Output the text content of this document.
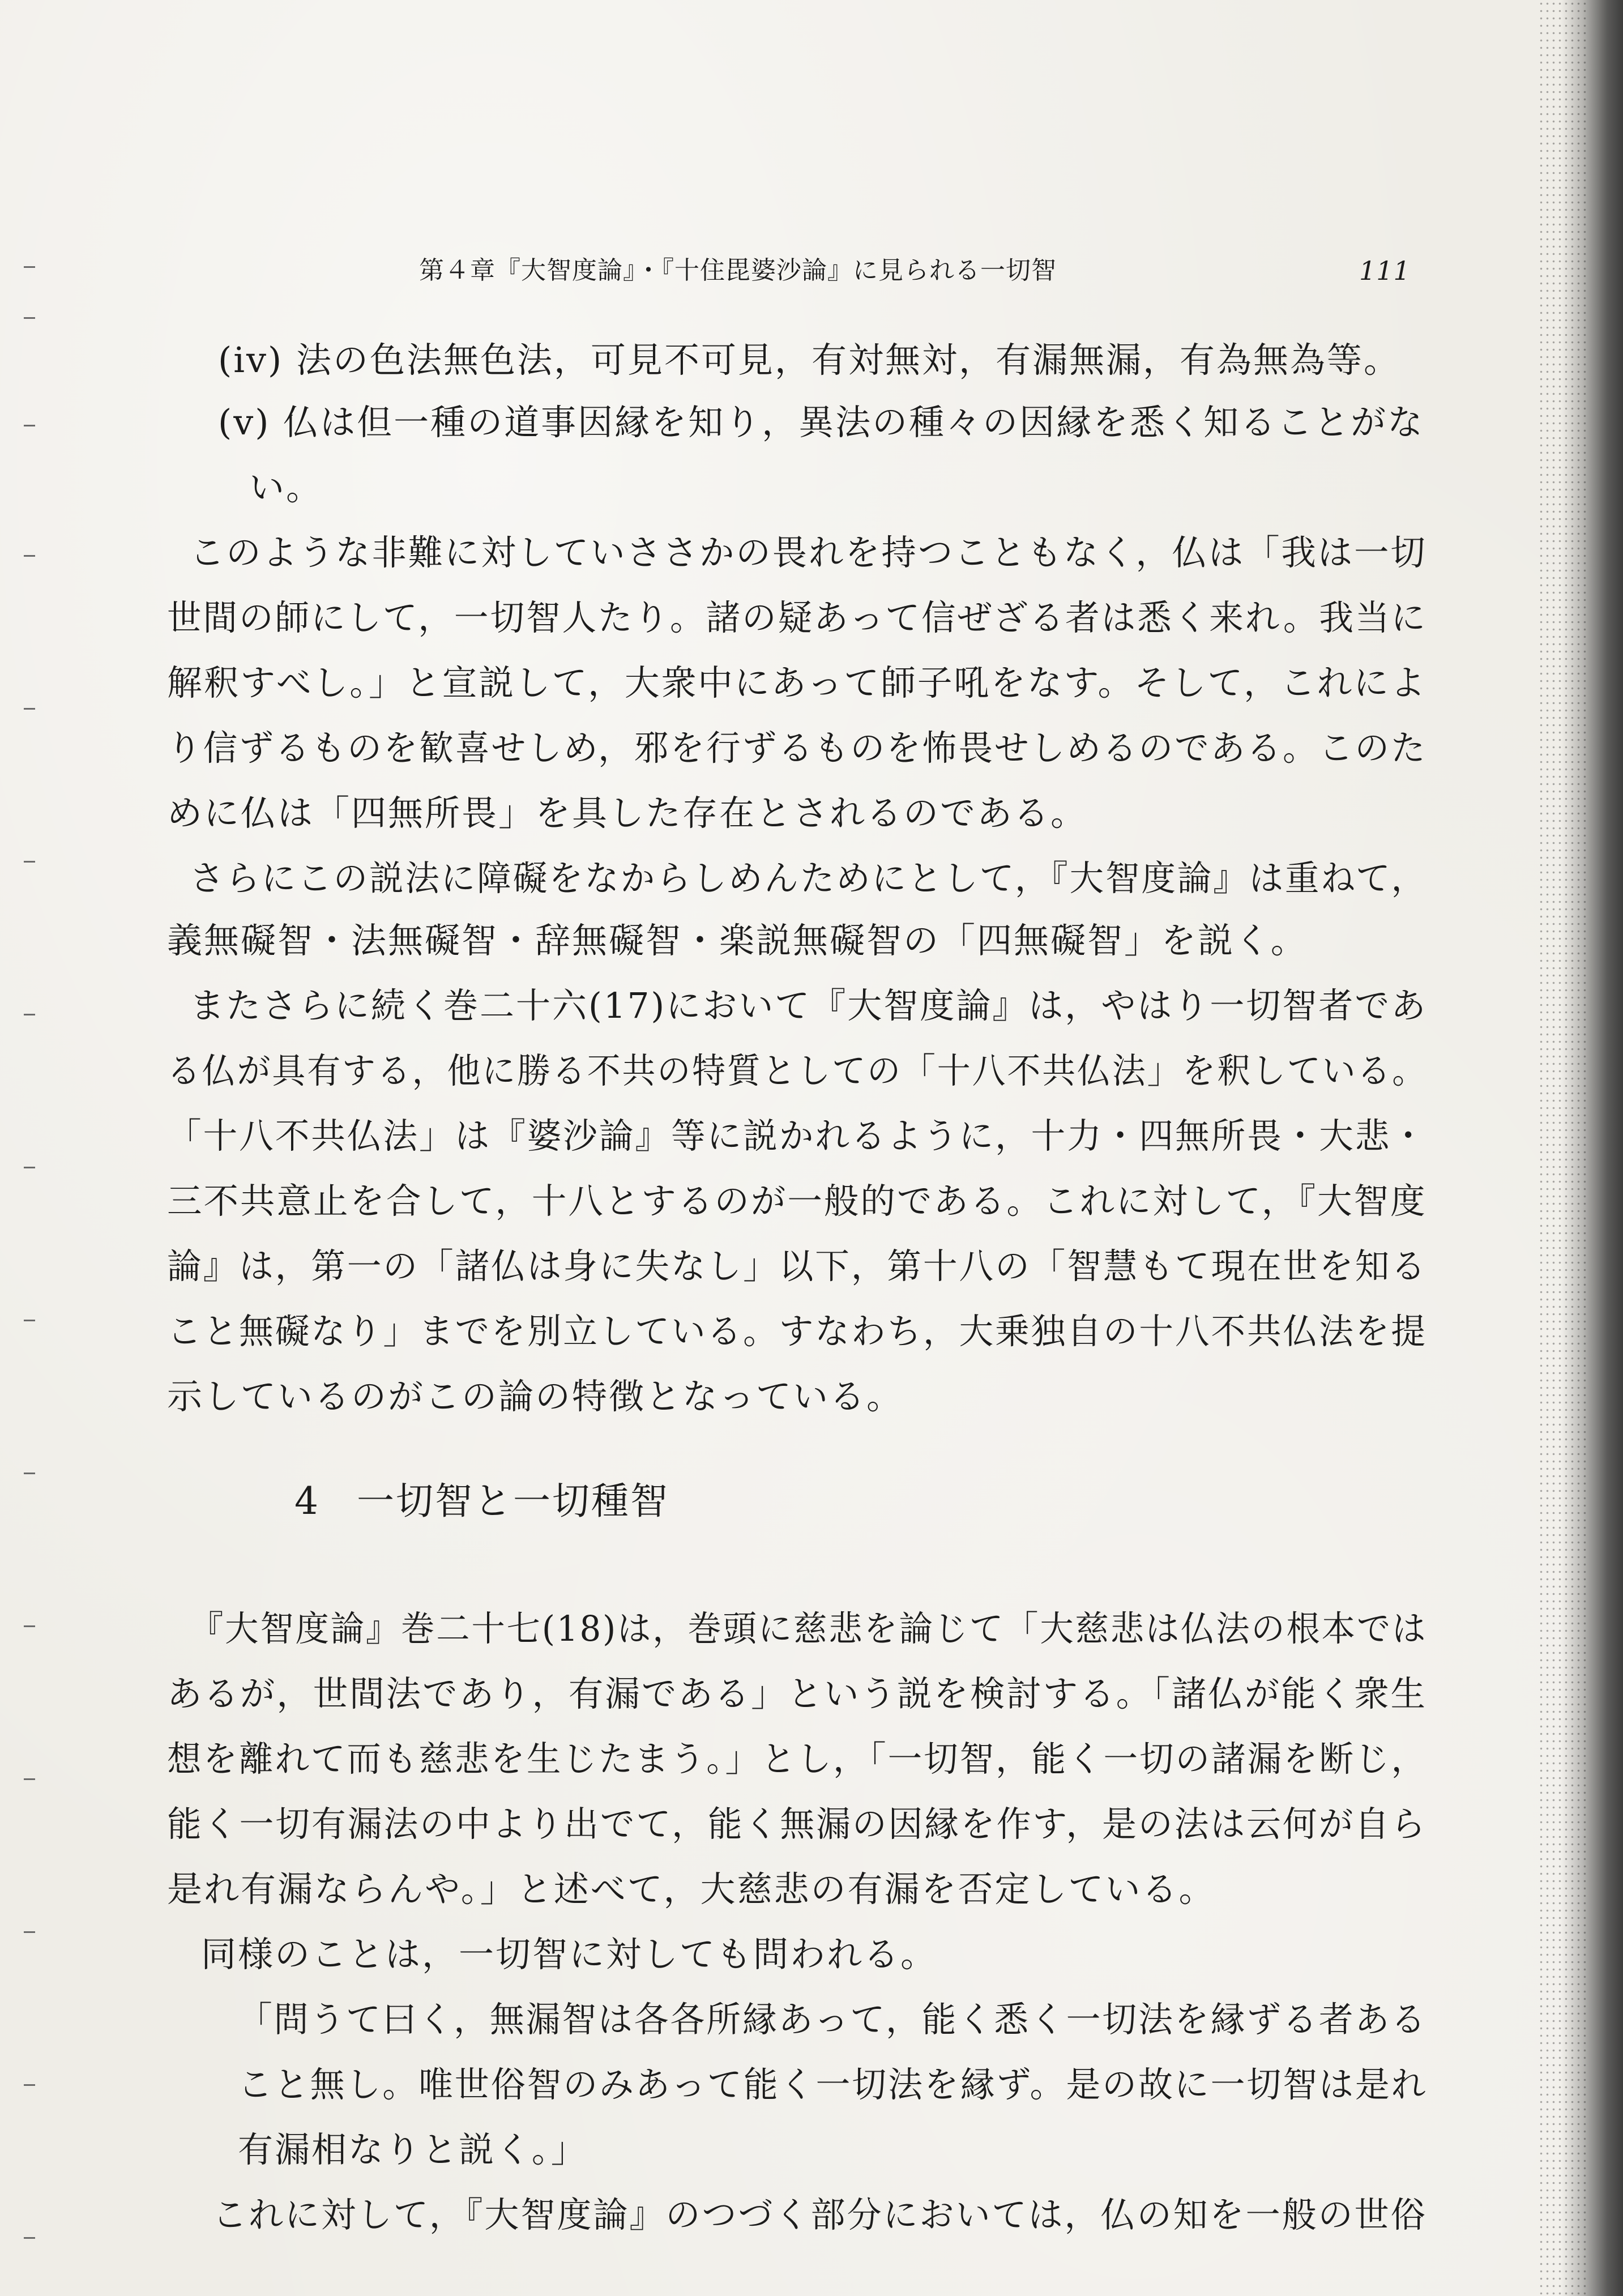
第４章『大智度論』・『十住毘婆沙論』に見られる一切智	111
(iv) 法の色法無色法，可見不可見，有対無対，有漏無漏，有為無為等。
(v) 仏は但一種の道事因縁を知り，異法の種々の因縁を悉く知ることがな
い。
このような非難に対していささかの畏れを持つこともなく，仏は「我は一切
世間の師にして，一切智人たり。諸の疑あって信ぜざる者は悉く来れ。我当に
解釈すべし。」と宣説して，大衆中にあって師子吼をなす。そして，これによ
り信ずるものを歓喜せしめ，邪を行ずるものを怖畏せしめるのである。このた
めに仏は「四無所畏」を具した存在とされるのである。
さらにこの説法に障礙をなからしめんためにとして，『大智度論』は重ねて，
義無礙智・法無礙智・辞無礙智・楽説無礙智の「四無礙智」を説く。
またさらに続く巻二十六(17)において『大智度論』は，やはり一切智者であ
る仏が具有する，他に勝る不共の特質としての「十八不共仏法」を釈している。
「十八不共仏法」は『婆沙論』等に説かれるように，十力・四無所畏・大悲・
三不共意止を合して，十八とするのが一般的である。これに対して，『大智度
論』は，第一の「諸仏は身に失なし」以下，第十八の「智慧もて現在世を知る
こと無礙なり」までを別立している。すなわち，大乗独自の十八不共仏法を提
示しているのがこの論の特徴となっている。
4 一切智と一切種智
『大智度論』巻二十七(18)は，巻頭に慈悲を論じて「大慈悲は仏法の根本では
あるが，世間法であり，有漏である」という説を検討する。「諸仏が能く衆生
想を離れて而も慈悲を生じたまう。」とし，「一切智，能く一切の諸漏を断じ，
能く一切有漏法の中より出でて，能く無漏の因縁を作す，是の法は云何が自ら
是れ有漏ならんや。」と述べて，大慈悲の有漏を否定している。
同様のことは，一切智に対しても問われる。
「問うて曰く，無漏智は各各所縁あって，能く悉く一切法を縁ずる者ある
こと無し。唯世俗智のみあって能く一切法を縁ず。是の故に一切智は是れ
有漏相なりと説く。」
これに対して，『大智度論』のつづく部分においては，仏の知を一般の世俗
